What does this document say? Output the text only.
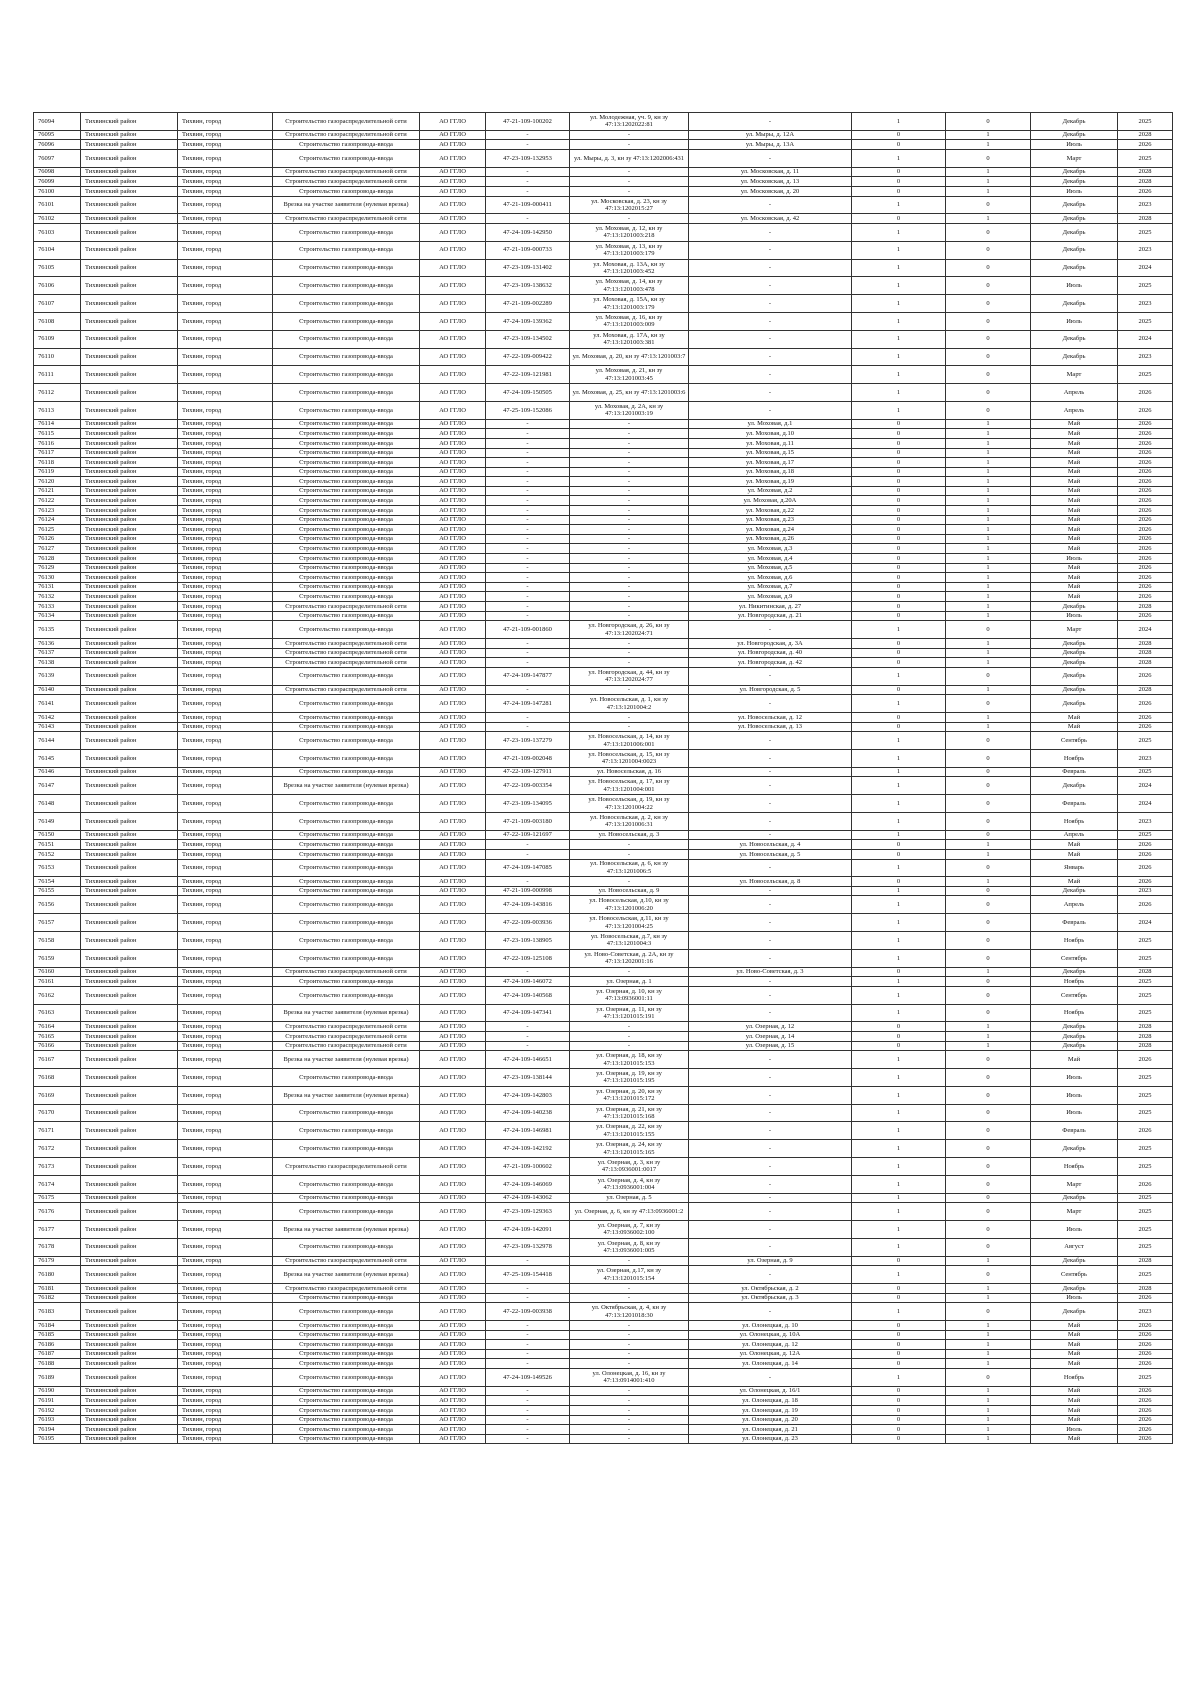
76094	Тихвинский район	Тихвин, город	Строительство газораспределительной сети	АО ГГЛО	47-21-109-100202	ул. Молодежная, уч. 9, кн зу 47:13:1202022:81	-	1	0	Декабрь	2025
76095	Тихвинский район	Тихвин, город	Строительство газораспределительной сети	АО ГГЛО	-	-	ул. Мыры, д. 12А	0	1	Декабрь	2028
76096	Тихвинский район	Тихвин, город	Строительство газопровода-ввода	АО ГГЛО	-	-	ул. Мыры, д. 13А	0	1	Июль	2026
76097	Тихвинский район	Тихвин, город	Строительство газопровода-ввода	АО ГГЛО	47-23-109-132953	ул. Мыры, д. 3, кн зу 47:13:1202006:431	-	1	0	Март	2025
76098	Тихвинский район	Тихвин, город	Строительство газораспределительной сети	АО ГГЛО	-	-	ул. Московская, д. 11	0	1	Декабрь	2028
76099	Тихвинский район	Тихвин, город	Строительство газораспределительной сети	АО ГГЛО	-	-	ул. Московская, д. 13	0	1	Декабрь	2028
76100	Тихвинский район	Тихвин, город	Строительство газопровода-ввода	АО ГГЛО	-	-	ул. Московская, д. 20	0	1	Июль	2026
76101	Тихвинский район	Тихвин, город	Врезка на участке заявителя (нулевая врезка)	АО ГГЛО	47-21-109-000411	ул. Московская, д. 23, кн зу 47:13:1202015:27	-	1	0	Декабрь	2023
76102	Тихвинский район	Тихвин, город	Строительство газораспределительной сети	АО ГГЛО	-	-	ул. Московская, д. 42	0	1	Декабрь	2028
76103	Тихвинский район	Тихвин, город	Строительство газопровода-ввода	АО ГГЛО	47-24-109-142950	ул. Моховая, д. 12, кн зу 47:13:1201003:218	-	1	0	Декабрь	2025
76104	Тихвинский район	Тихвин, город	Строительство газопровода-ввода	АО ГГЛО	47-21-109-000733	ул. Моховая, д. 13, кн зу 47:13:1201003:179	-	1	0	Декабрь	2023
76105	Тихвинский район	Тихвин, город	Строительство газопровода-ввода	АО ГГЛО	47-23-109-131402	ул. Моховая, д. 13А, кн зу 47:13:1201003:452	-	1	0	Декабрь	2024
76106	Тихвинский район	Тихвин, город	Строительство газопровода-ввода	АО ГГЛО	47-23-109-138632	ул. Моховая, д. 14, кн зу 47:13:1201003:478	-	1	0	Июль	2025
76107	Тихвинский район	Тихвин, город	Строительство газопровода-ввода	АО ГГЛО	47-21-109-002289	ул. Моховая, д. 15А, кн зу 47:13:1201003:179	-	1	0	Декабрь	2023
76108	Тихвинский район	Тихвин, город	Строительство газопровода-ввода	АО ГГЛО	47-24-109-139362	ул. Моховая, д. 16, кн зу 47:13:1201003:009	-	1	0	Июль	2025
76109	Тихвинский район	Тихвин, город	Строительство газопровода-ввода	АО ГГЛО	47-23-109-134502	ул. Моховая, д. 17А, кн зу 47:13:1201003:381	-	1	0	Декабрь	2024
76110	Тихвинский район	Тихвин, город	Строительство газопровода-ввода	АО ГГЛО	47-22-109-009422	ул. Моховая, д. 20, кн зу 47:13:1201003:7	-	1	0	Декабрь	2023
76111	Тихвинский район	Тихвин, город	Строительство газопровода-ввода	АО ГГЛО	47-22-109-121981	ул. Моховая, д. 21, кн зу 47:13:1201003:45	-	1	0	Март	2025
76112	Тихвинский район	Тихвин, город	Строительство газопровода-ввода	АО ГГЛО	47-24-109-150505	ул. Моховая, д. 25, кн зу 47:13:1201003:6	-	1	0	Апрель	2026
76113	Тихвинский район	Тихвин, город	Строительство газопровода-ввода	АО ГГЛО	47-25-109-152086	ул. Моховая, д. 2А, кн зу 47:13:1201003:19	-	1	0	Апрель	2026
76114	Тихвинский район	Тихвин, город	Строительство газопровода-ввода	АО ГГЛО	-	-	ул. Моховая, д.1	0	1	Май	2026
76115	Тихвинский район	Тихвин, город	Строительство газопровода-ввода	АО ГГЛО	-	-	ул. Моховая, д.10	0	1	Май	2026
76116	Тихвинский район	Тихвин, город	Строительство газопровода-ввода	АО ГГЛО	-	-	ул. Моховая, д.11	0	1	Май	2026
76117	Тихвинский район	Тихвин, город	Строительство газопровода-ввода	АО ГГЛО	-	-	ул. Моховая, д.15	0	1	Май	2026
76118	Тихвинский район	Тихвин, город	Строительство газопровода-ввода	АО ГГЛО	-	-	ул. Моховая, д.17	0	1	Май	2026
76119	Тихвинский район	Тихвин, город	Строительство газопровода-ввода	АО ГГЛО	-	-	ул. Моховая, д.18	0	1	Май	2026
76120	Тихвинский район	Тихвин, город	Строительство газопровода-ввода	АО ГГЛО	-	-	ул. Моховая, д.19	0	1	Май	2026
76121	Тихвинский район	Тихвин, город	Строительство газопровода-ввода	АО ГГЛО	-	-	ул. Моховая, д.2	0	1	Май	2026
76122	Тихвинский район	Тихвин, город	Строительство газопровода-ввода	АО ГГЛО	-	-	ул. Моховая, д.20А	0	1	Май	2026
76123	Тихвинский район	Тихвин, город	Строительство газопровода-ввода	АО ГГЛО	-	-	ул. Моховая, д.22	0	1	Май	2026
76124	Тихвинский район	Тихвин, город	Строительство газопровода-ввода	АО ГГЛО	-	-	ул. Моховая, д.23	0	1	Май	2026
76125	Тихвинский район	Тихвин, город	Строительство газопровода-ввода	АО ГГЛО	-	-	ул. Моховая, д.24	0	1	Май	2026
76126	Тихвинский район	Тихвин, город	Строительство газопровода-ввода	АО ГГЛО	-	-	ул. Моховая, д.26	0	1	Май	2026
76127	Тихвинский район	Тихвин, город	Строительство газопровода-ввода	АО ГГЛО	-	-	ул. Моховая, д.3	0	1	Май	2026
76128	Тихвинский район	Тихвин, город	Строительство газопровода-ввода	АО ГГЛО	-	-	ул. Моховая, д.4	0	1	Июль	2026
76129	Тихвинский район	Тихвин, город	Строительство газопровода-ввода	АО ГГЛО	-	-	ул. Моховая, д.5	0	1	Май	2026
76130	Тихвинский район	Тихвин, город	Строительство газопровода-ввода	АО ГГЛО	-	-	ул. Моховая, д.6	0	1	Май	2026
76131	Тихвинский район	Тихвин, город	Строительство газопровода-ввода	АО ГГЛО	-	-	ул. Моховая, д.7	0	1	Май	2026
76132	Тихвинский район	Тихвин, город	Строительство газопровода-ввода	АО ГГЛО	-	-	ул. Моховая, д.9	0	1	Май	2026
76133	Тихвинский район	Тихвин, город	Строительство газораспределительной сети	АО ГГЛО	-	-	ул. Никитинская, д. 27	0	1	Декабрь	2028
76134	Тихвинский район	Тихвин, город	Строительство газопровода-ввода	АО ГГЛО	-	-	ул. Новгородская, д. 21	0	1	Июль	2026
76135	Тихвинский район	Тихвин, город	Строительство газопровода-ввода	АО ГГЛО	47-21-109-001860	ул. Новгородская, д. 26, кн зу 47:13:1202024:71	-	1	0	Март	2024
76136	Тихвинский район	Тихвин, город	Строительство газораспределительной сети	АО ГГЛО	-	-	ул. Новгородская, д. 3А	0	1	Декабрь	2028
76137	Тихвинский район	Тихвин, город	Строительство газораспределительной сети	АО ГГЛО	-	-	ул. Новгородская, д. 40	0	1	Декабрь	2028
76138	Тихвинский район	Тихвин, город	Строительство газораспределительной сети	АО ГГЛО	-	-	ул. Новгородская, д. 42	0	1	Декабрь	2028
76139	Тихвинский район	Тихвин, город	Строительство газопровода-ввода	АО ГГЛО	47-24-109-147877	ул. Новгородская, д. 44, кн зу 47:13:1202024:77	-	1	0	Декабрь	2026
76140	Тихвинский район	Тихвин, город	Строительство газораспределительной сети	АО ГГЛО	-	-	ул. Новгородская, д. 5	0	1	Декабрь	2028
76141	Тихвинский район	Тихвин, город	Строительство газопровода-ввода	АО ГГЛО	47-24-109-147281	ул. Новосельская, д. 1, кн зу 47:13:1201004:2	-	1	0	Декабрь	2026
76142	Тихвинский район	Тихвин, город	Строительство газопровода-ввода	АО ГГЛО	-	-	ул. Новосельская, д. 12	0	1	Май	2026
76143	Тихвинский район	Тихвин, город	Строительство газопровода-ввода	АО ГГЛО	-	-	ул. Новосельская, д. 13	0	1	Май	2026
76144	Тихвинский район	Тихвин, город	Строительство газопровода-ввода	АО ГГЛО	47-23-109-137279	ул. Новосельская, д. 14, кн зу 47:13:1201006:001	-	1	0	Сентябрь	2025
76145	Тихвинский район	Тихвин, город	Строительство газопровода-ввода	АО ГГЛО	47-21-109-002048	ул. Новосельская, д. 15, кн зу 47:13:1201004:0023	-	1	0	Ноябрь	2023
76146	Тихвинский район	Тихвин, город	Строительство газопровода-ввода	АО ГГЛО	47-22-109-127911	ул. Новосельская, д. 16	-	1	0	Февраль	2025
76147	Тихвинский район	Тихвин, город	Врезка на участке заявителя (нулевая врезка)	АО ГГЛО	47-22-109-003354	ул. Новосельская, д. 17, кн зу 47:13:1201004:001	-	1	0	Декабрь	2024
76148	Тихвинский район	Тихвин, город	Строительство газопровода-ввода	АО ГГЛО	47-23-109-134095	ул. Новосельская, д. 19, кн зу 47:13:1201004:22	-	1	0	Февраль	2024
76149	Тихвинский район	Тихвин, город	Строительство газопровода-ввода	АО ГГЛО	47-21-109-003180	ул. Новосельская, д. 2, кн зу 47:13:1201006:31	-	1	0	Ноябрь	2023
76150	Тихвинский район	Тихвин, город	Строительство газопровода-ввода	АО ГГЛО	47-22-109-121697	ул. Новосельская, д. 3	-	1	0	Апрель	2025
76151	Тихвинский район	Тихвин, город	Строительство газопровода-ввода	АО ГГЛО	-	-	ул. Новосельская, д. 4	0	1	Май	2026
76152	Тихвинский район	Тихвин, город	Строительство газопровода-ввода	АО ГГЛО	-	-	ул. Новосельская, д. 5	0	1	Май	2026
76153	Тихвинский район	Тихвин, город	Строительство газопровода-ввода	АО ГГЛО	47-24-109-147085	ул. Новосельская, д. 6, кн зу 47:13:1201006:5	-	1	0	Январь	2026
76154	Тихвинский район	Тихвин, город	Строительство газопровода-ввода	АО ГГЛО	-	-	ул. Новосельская, д. 8	0	1	Май	2026
76155	Тихвинский район	Тихвин, город	Строительство газопровода-ввода	АО ГГЛО	47-21-109-000998	ул. Новосельская, д. 9	-	1	0	Декабрь	2023
76156	Тихвинский район	Тихвин, город	Строительство газопровода-ввода	АО ГГЛО	47-24-109-143816	ул. Новосельская, д.10, кн зу 47:13:1201006:20	-	1	0	Апрель	2026
76157	Тихвинский район	Тихвин, город	Строительство газопровода-ввода	АО ГГЛО	47-22-109-003936	ул. Новосельская, д.11, кн зу 47:13:1201004:25	-	1	0	Февраль	2024
76158	Тихвинский район	Тихвин, город	Строительство газопровода-ввода	АО ГГЛО	47-23-109-138905	ул. Новосельская, д.7, кн зу 47:13:1201004:3	-	1	0	Ноябрь	2025
76159	Тихвинский район	Тихвин, город	Строительство газопровода-ввода	АО ГГЛО	47-22-109-125108	ул. Ново-Советская, д. 2А, кн зу 47:13:1202001:16	-	1	0	Сентябрь	2025
76160	Тихвинский район	Тихвин, город	Строительство газораспределительной сети	АО ГГЛО	-	-	ул. Ново-Советская, д. 3	0	1	Декабрь	2028
76161	Тихвинский район	Тихвин, город	Строительство газопровода-ввода	АО ГГЛО	47-24-109-146072	ул. Озерная, д. 1	-	1	0	Ноябрь	2025
76162	Тихвинский район	Тихвин, город	Строительство газопровода-ввода	АО ГГЛО	47-24-109-140568	ул. Озерная, д. 10, кн зу 47:13:0936001:11	-	1	0	Сентябрь	2025
76163	Тихвинский район	Тихвин, город	Врезка на участке заявителя (нулевая врезка)	АО ГГЛО	47-24-109-147341	ул. Озерная, д. 11, кн зу 47:13:1201015:191	-	1	0	Ноябрь	2025
76164	Тихвинский район	Тихвин, город	Строительство газораспределительной сети	АО ГГЛО	-	-	ул. Озерная, д. 12	0	1	Декабрь	2028
76165	Тихвинский район	Тихвин, город	Строительство газораспределительной сети	АО ГГЛО	-	-	ул. Озерная, д. 14	0	1	Декабрь	2028
76166	Тихвинский район	Тихвин, город	Строительство газораспределительной сети	АО ГГЛО	-	-	ул. Озерная, д. 15	0	1	Декабрь	2028
76167	Тихвинский район	Тихвин, город	Врезка на участке заявителя (нулевая врезка)	АО ГГЛО	47-24-109-146651	ул. Озерная, д. 18, кн зу 47:13:1201015:153	-	1	0	Май	2026
76168	Тихвинский район	Тихвин, город	Строительство газопровода-ввода	АО ГГЛО	47-23-109-138144	ул. Озерная, д. 19, кн зу 47:13:1201015:195	-	1	0	Июль	2025
76169	Тихвинский район	Тихвин, город	Врезка на участке заявителя (нулевая врезка)	АО ГГЛО	47-24-109-142803	ул. Озерная, д. 20, кн зу 47:13:1201015:172	-	1	0	Июль	2025
76170	Тихвинский район	Тихвин, город	Строительство газопровода-ввода	АО ГГЛО	47-24-109-140238	ул. Озерная, д. 21, кн зу 47:13:1201015:168	-	1	0	Июль	2025
76171	Тихвинский район	Тихвин, город	Строительство газопровода-ввода	АО ГГЛО	47-24-109-146981	ул. Озерная, д. 22, кн зу 47:13:1201015:155	-	1	0	Февраль	2026
76172	Тихвинский район	Тихвин, город	Строительство газопровода-ввода	АО ГГЛО	47-24-109-142192	ул. Озерная, д. 24, кн зу 47:13:1201015:165	-	1	0	Декабрь	2025
76173	Тихвинский район	Тихвин, город	Строительство газораспределительной сети	АО ГГЛО	47-21-109-100602	ул. Озерная, д. 3, кн зу 47:13:0936001:0017	-	1	0	Ноябрь	2025
76174	Тихвинский район	Тихвин, город	Строительство газопровода-ввода	АО ГГЛО	47-24-109-146069	ул. Озерная, д. 4, кн зу 47:13:0936001:004	-	1	0	Март	2026
76175	Тихвинский район	Тихвин, город	Строительство газопровода-ввода	АО ГГЛО	47-24-109-143062	ул. Озерная, д. 5	-	1	0	Декабрь	2025
76176	Тихвинский район	Тихвин, город	Строительство газопровода-ввода	АО ГГЛО	47-23-109-129363	ул. Озерная, д. 6, кн зу 47:13:0936001:2	-	1	0	Март	2025
76177	Тихвинский район	Тихвин, город	Врезка на участке заявителя (нулевая врезка)	АО ГГЛО	47-24-109-142091	ул. Озерная, д. 7, кн зу 47:13:0936002:100	-	1	0	Июль	2025
76178	Тихвинский район	Тихвин, город	Строительство газопровода-ввода	АО ГГЛО	47-23-109-132978	ул. Озерная, д. 8, кн зу 47:13:0936001:005	-	1	0	Август	2025
76179	Тихвинский район	Тихвин, город	Строительство газораспределительной сети	АО ГГЛО	-	-	ул. Озерная, д. 9	0	1	Декабрь	2028
76180	Тихвинский район	Тихвин, город	Врезка на участке заявителя (нулевая врезка)	АО ГГЛО	47-25-109-154418	ул. Озерная, д.17, кн зу 47:13:1201015:154	-	1	0	Сентябрь	2025
76181	Тихвинский район	Тихвин, город	Строительство газораспределительной сети	АО ГГЛО	-	-	ул. Октябрьская, д. 2	0	1	Декабрь	2028
76182	Тихвинский район	Тихвин, город	Строительство газопровода-ввода	АО ГГЛО	-	-	ул. Октябрьская, д. 3	0	1	Июль	2026
76183	Тихвинский район	Тихвин, город	Строительство газопровода-ввода	АО ГГЛО	47-22-109-003938	ул. Октябрьская, д. 4, кн зу 47:13:1201018:30	-	1	0	Декабрь	2023
76184	Тихвинский район	Тихвин, город	Строительство газопровода-ввода	АО ГГЛО	-	-	ул. Олонецкая, д. 10	0	1	Май	2026
76185	Тихвинский район	Тихвин, город	Строительство газопровода-ввода	АО ГГЛО	-	-	ул. Олонецкая, д. 10А	0	1	Май	2026
76186	Тихвинский район	Тихвин, город	Строительство газопровода-ввода	АО ГГЛО	-	-	ул. Олонецкая, д. 12	0	1	Май	2026
76187	Тихвинский район	Тихвин, город	Строительство газопровода-ввода	АО ГГЛО	-	-	ул. Олонецкая, д. 12А	0	1	Май	2026
76188	Тихвинский район	Тихвин, город	Строительство газопровода-ввода	АО ГГЛО	-	-	ул. Олонецкая, д. 14	0	1	Май	2026
76189	Тихвинский район	Тихвин, город	Строительство газопровода-ввода	АО ГГЛО	47-24-109-149526	ул. Олонецкая, д. 16, кн зу 47:13:0914001:410	-	1	0	Ноябрь	2025
76190	Тихвинский район	Тихвин, город	Строительство газопровода-ввода	АО ГГЛО	-	-	ул. Олонецкая, д. 16/1	0	1	Май	2026
76191	Тихвинский район	Тихвин, город	Строительство газопровода-ввода	АО ГГЛО	-	-	ул. Олонецкая, д. 18	0	1	Май	2026
76192	Тихвинский район	Тихвин, город	Строительство газопровода-ввода	АО ГГЛО	-	-	ул. Олонецкая, д. 19	0	1	Май	2026
76193	Тихвинский район	Тихвин, город	Строительство газопровода-ввода	АО ГГЛО	-	-	ул. Олонецкая, д. 20	0	1	Май	2026
76194	Тихвинский район	Тихвин, город	Строительство газопровода-ввода	АО ГГЛО	-	-	ул. Олонецкая, д. 21	0	1	Июль	2026
76195	Тихвинский район	Тихвин, город	Строительство газопровода-ввода	АО ГГЛО	-	-	ул. Олонецкая, д. 23	0	1	Май	2026
